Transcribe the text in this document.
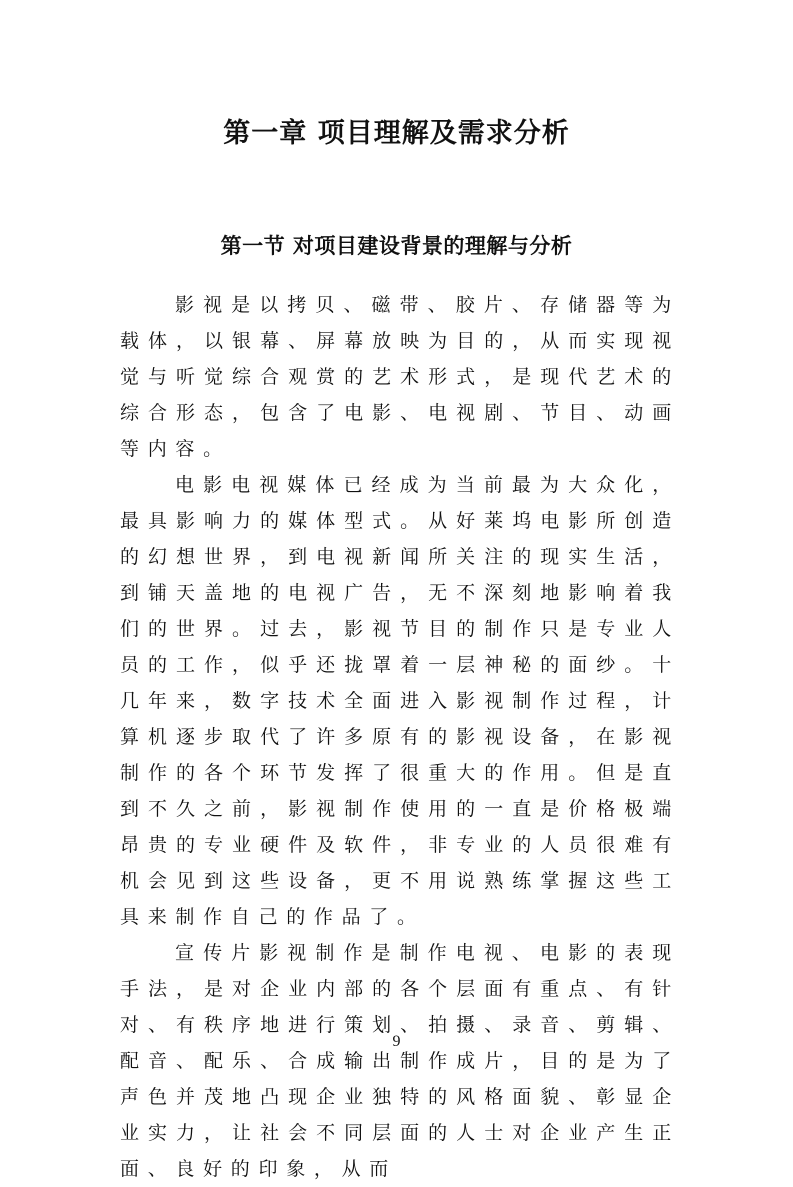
第一章 项目理解及需求分析
第一节 对项目建设背景的理解与分析

影视是以拷贝、磁带、胶片、存储器等为载体，以银幕、屏幕放映为目的，从而实现视觉与听觉综合观赏的艺术形式，是现代艺术的综合形态，包含了电影、电视剧、节目、动画等内容。

电影电视媒体已经成为当前最为大众化，最具影响力的媒体型式。从好莱坞电影所创造的幻想世界，到电视新闻所关注的现实生活，到铺天盖地的电视广告，无不深刻地影响着我们的世界。过去，影视节目的制作只是专业人员的工作，似乎还拢罩着一层神秘的面纱。十几年来，数字技术全面进入影视制作过程，计算机逐步取代了许多原有的影视设备，在影视制作的各个环节发挥了很重大的作用。但是直到不久之前，影视制作使用的一直是价格极端昂贵的专业硬件及软件，非专业的人员很难有机会见到这些设备，更不用说熟练掌握这些工具来制作自己的作品了。

宣传片影视制作是制作电视、电影的表现手法，是对企业内部的各个层面有重点、有针对、有秩序地进行策划、拍摄、录音、剪辑、配音、配乐、合成输出制作成片，目的是为了声色并茂地凸现企业独特的风格面貌、彰显企业实力，让社会不同层面的人士对企业产生正面、良好的印象，从而

9
